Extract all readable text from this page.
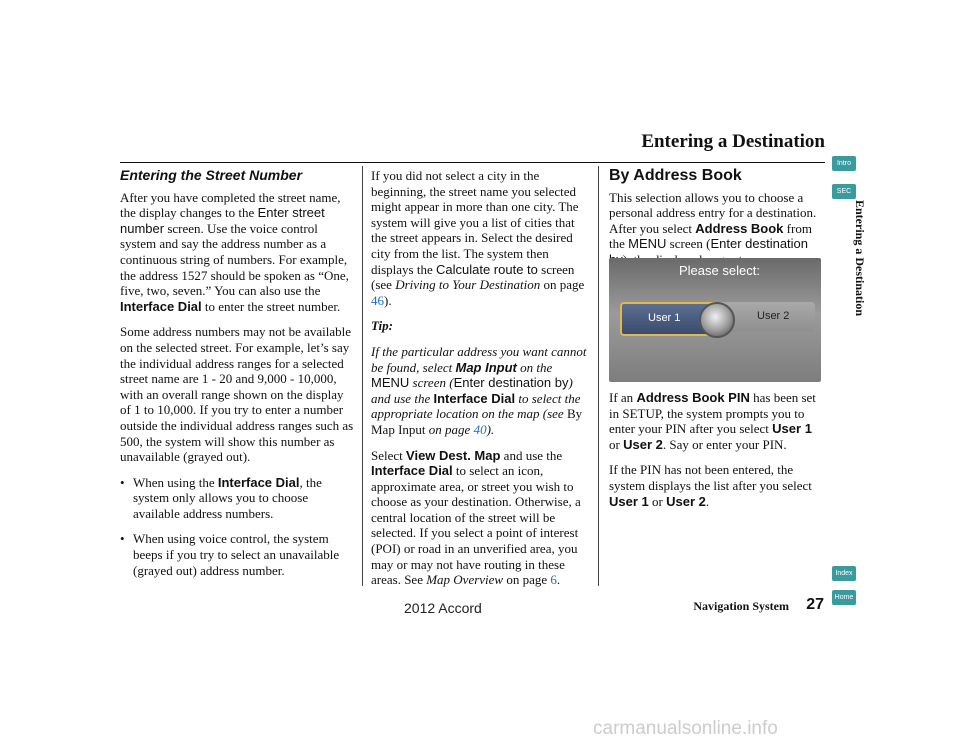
Entering a Destination
Entering the Street Number

After you have completed the street name, the display changes to the Enter street number screen. Use the voice control system and say the address number as a continuous string of numbers. For example, the address 1527 should be spoken as “One, five, two, seven.” You can also use the Interface Dial to enter the street number.

Some address numbers may not be available on the selected street. For example, let’s say the individual address ranges for a selected street name are 1 - 20 and 9,000 - 10,000, with an overall range shown on the display of 1 to 10,000. If you try to enter a number outside the individual address ranges such as 500, the system will show this number as unavailable (grayed out).

• When using the Interface Dial, the system only allows you to choose available address numbers.
• When using voice control, the system beeps if you try to select an unavailable (grayed out) address number.

If you did not select a city in the beginning, the street name you selected might appear in more than one city. The system will give you a list of cities that the street appears in. Select the desired city from the list. The system then displays the Calculate route to screen (see Driving to Your Destination on page 46).

Tip:

If the particular address you want cannot be found, select Map Input on the MENU screen (Enter destination by) and use the Interface Dial to select the appropriate location on the map (see By Map Input on page 40).

Select View Dest. Map and use the Interface Dial to select an icon, approximate area, or street you wish to choose as your destination. Otherwise, a central location of the street will be selected. If you select a point of interest (POI) or road in an unverified area, you may or may not have routing in these areas. See Map Overview on page 6.

By Address Book

This selection allows you to choose a personal address entry for a destination. After you select Address Book from the MENU screen (Enter destination

Please select:
User 2
User 1

If an Address Book PIN has been set in SETUP, the system prompts you to enter your PIN after you select User 1 or User 2. Say or enter your PIN.

If the PIN has not been entered, the system displays the list after you select User 1 or User 2.

Intro
SEC
Entering a Destination
Index
Home
2012 Accord	Navigation System 27
carmanualsonline.info
